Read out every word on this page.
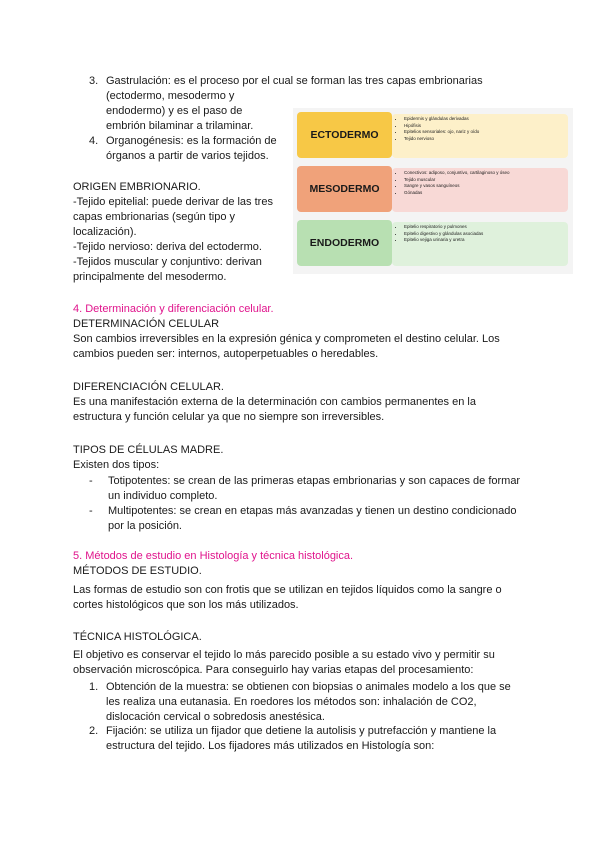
3. Gastrulación: es el proceso por el cual se forman las tres capas embrionarias
(ectodermo, mesodermo y
endodermo) y es el paso de
embrión bilaminar a trilaminar.
4. Organogénesis: es la formación de
órganos a partir de varios tejidos.
ORIGEN EMBRIONARIO.
-Tejido epitelial: puede derivar de las tres
capas embrionarias (según tipo y
localización).
-Tejido nervioso: deriva del ectodermo.
-Tejidos muscular y conjuntivo: derivan
principalmente del mesodermo.
ECTODERMO
• Epidermis y glándulas derivadas
• Hipófisis
• Epitelios sensoriales: ojo, nariz y oído
• Tejido nervioso
MESODERMO
• Conectivos: adiposo, conjuntivo, cartilaginoso y óseo
• Tejido muscular
• Sangre y vasos sanguíneos
• Gónadas
ENDODERMO
• Epitelio respiratorio y pulmones
• Epitelio digestivo y glándulas asociadas
• Epitelio vejiga urinaria y uretra
4. Determinación y diferenciación celular.
DETERMINACIÓN CELULAR
Son cambios irreversibles en la expresión génica y comprometen el destino celular. Los
cambios pueden ser: internos, autoperpetuables o heredables.
DIFERENCIACIÓN CELULAR.
Es una manifestación externa de la determinación con cambios permanentes en la
estructura y función celular ya que no siempre son irreversibles.
TIPOS DE CÉLULAS MADRE.
Existen dos tipos:
- Totipotentes: se crean de las primeras etapas embrionarias y son capaces de formar
un individuo completo.
- Multipotentes: se crean en etapas más avanzadas y tienen un destino condicionado
por la posición.
5. Métodos de estudio en Histología y técnica histológica.
MÉTODOS DE ESTUDIO.
Las formas de estudio son con frotis que se utilizan en tejidos líquidos como la sangre o
cortes histológicos que son los más utilizados.
TÉCNICA HISTOLÓGICA.
El objetivo es conservar el tejido lo más parecido posible a su estado vivo y permitir su
observación microscópica. Para conseguirlo hay varias etapas del procesamiento:
1. Obtención de la muestra: se obtienen con biopsias o animales modelo a los que se
les realiza una eutanasia. En roedores los métodos son: inhalación de CO2,
dislocación cervical o sobredosis anestésica.
2. Fijación: se utiliza un fijador que detiene la autolisis y putrefacción y mantiene la
estructura del tejido. Los fijadores más utilizados en Histología son:
